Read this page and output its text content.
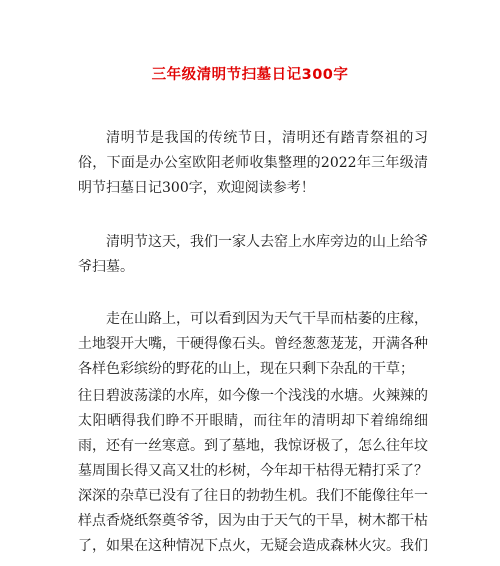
三年级清明节扫墓日记300字

清明节是我国的传统节日，清明还有踏青祭祖的习俗，下面是办公室欧阳老师收集整理的2022年三年级清明节扫墓日记300字，欢迎阅读参考！

清明节这天，我们一家人去窑上水库旁边的山上给爷爷扫墓。

走在山路上，可以看到因为天气干旱而枯萎的庄稼，土地裂开大嘴，干硬得像石头。曾经葱葱茏茏，开满各种各样色彩缤纷的野花的山上，现在只剩下杂乱的干草；

往日碧波荡漾的水库，如今像一个浅浅的水塘。火辣辣的太阳晒得我们睁不开眼睛，而往年的清明却下着绵绵细雨，还有一丝寒意。到了墓地，我惊讶极了，怎么往年坟墓周围长得又高又壮的杉树，今年却干枯得无精打采了？深深的杂草已没有了往日的勃勃生机。我们不能像往年一样点香烧纸祭奠爷爷，因为由于天气的干旱，树木都干枯了，如果在这种情况下点火，无疑会造成森林火灾。我们
